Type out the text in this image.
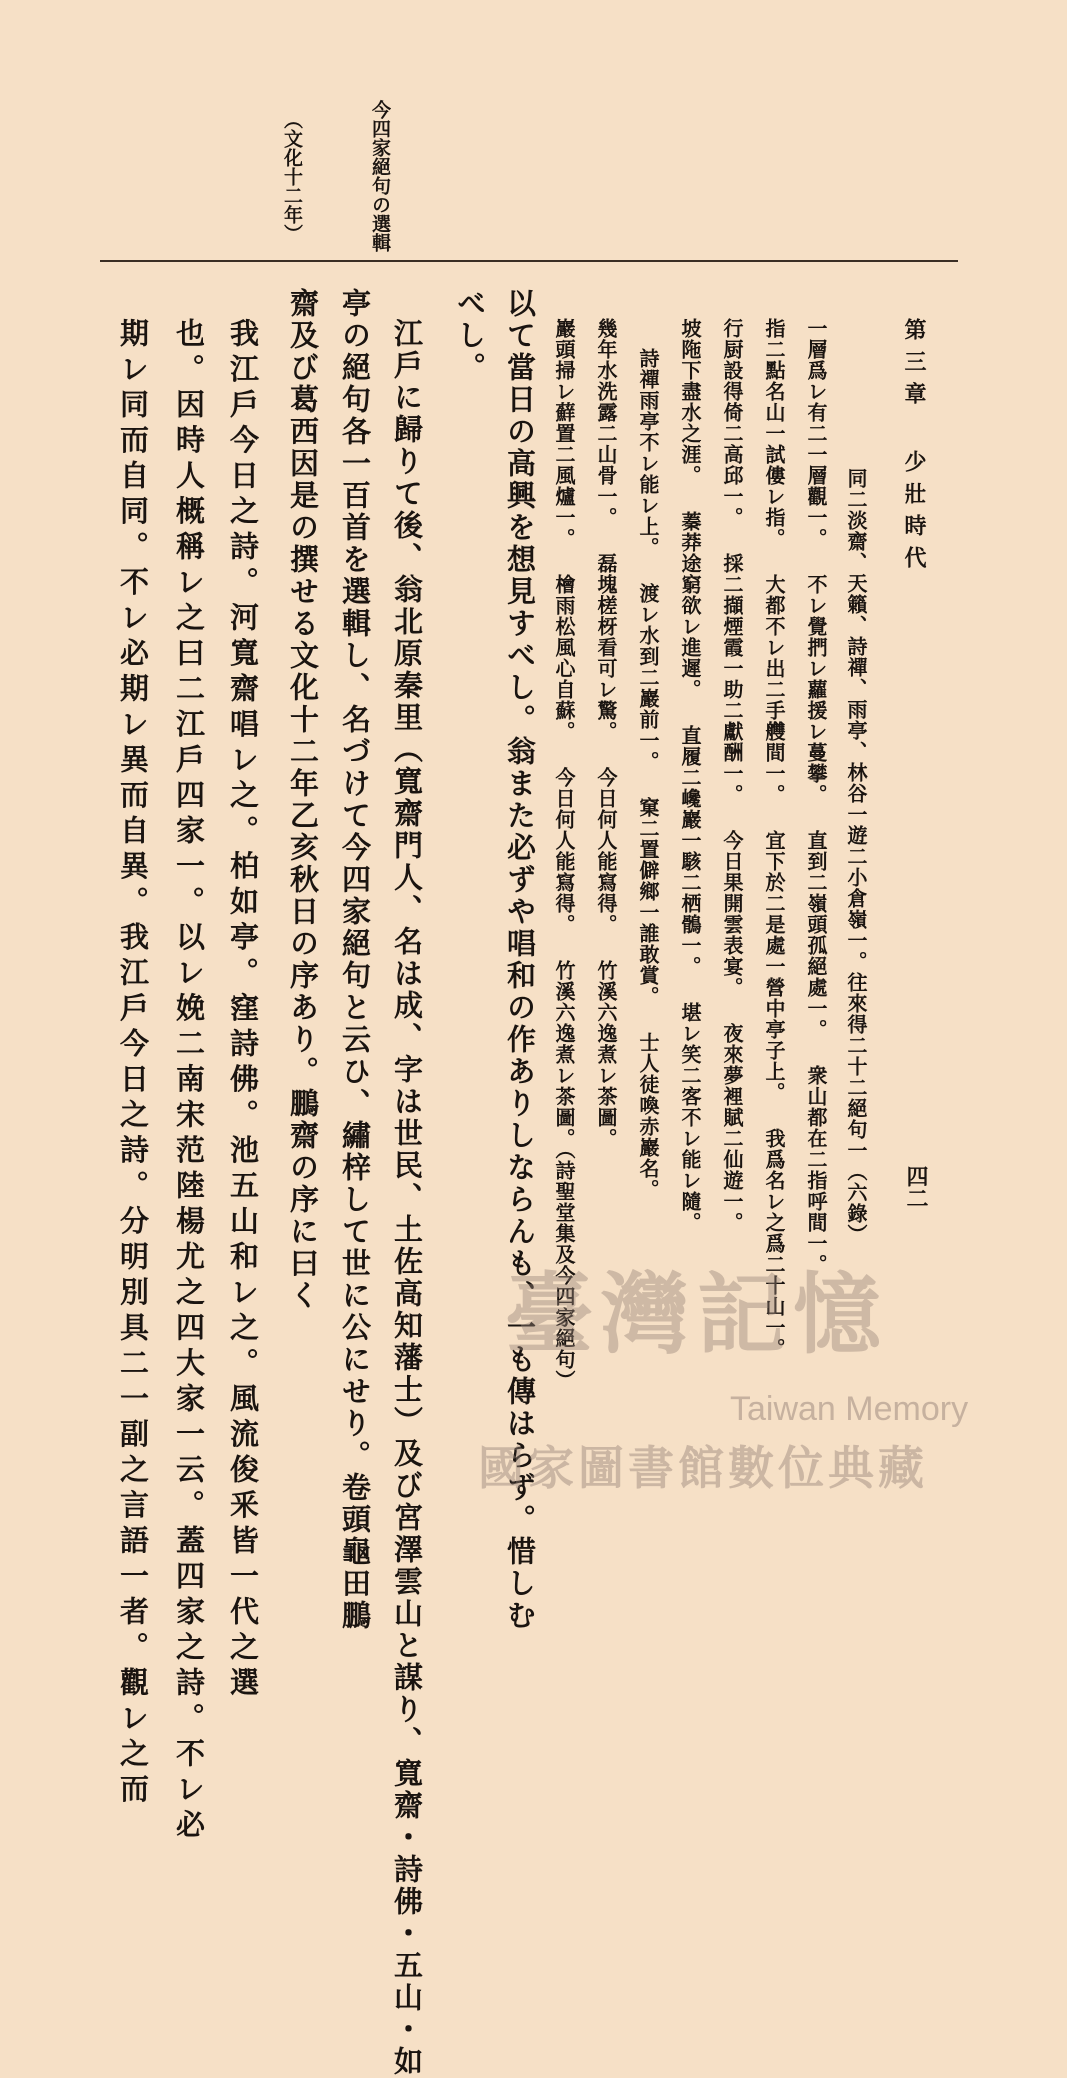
第三章 少壯時代
四二
今四家絕句の選輯
（文化十二年）
同二淡齋、天籟、詩禪、雨亭、林谷一遊二小倉嶺一。往來得二十二絕句一（六錄）
一層爲レ有二一層觀一。 不レ覺捫レ蘿援レ蔓攀。 直到二嶺頭孤絕處一。 衆山都在二指呼間一。
指二點名山一試僂レ指。 大都不レ出二手艭間一。 宜下於二是處一營中亭子上。 我爲名レ之爲二十山一。
行厨設得倚二高邱一。 採二擷煙霞一助二獻酬一。 今日果開雲表宴。 夜來夢裡賦二仙遊一。
坡陁下盡水之涯。 蓁莽途窮欲レ進遲。 直履二巉巖一駭二栖鶻一。 堪レ笑二客不レ能レ隨。
詩禪雨亭不レ能レ上。 渡レ水到二巖前一。 窠二置僻鄉一誰敢賞。 士人徒喚赤巖名。
幾年水洗露二山骨一。 磊塊槎枒看可レ驚。 今日何人能寫得。 竹溪六逸煮レ茶圖。
巖頭掃レ蘚置二風爐一。 檜雨松風心自蘇。 今日何人能寫得。 竹溪六逸煮レ茶圖。（詩聖堂集及今四家絕句）
以て當日の高興を想見すべし。翁また必ずや唱和の作ありしならんも、一も傳はらず。惜しむ
べし。
江戶に歸りて後、翁北原秦里（寬齋門人、名は成、字は世民、土佐高知藩士）及び宮澤雲山と謀り、寬齋・詩佛・五山・如
亭の絕句各一百首を選輯し、名づけて今四家絕句と云ひ、繡梓して世に公にせり。卷頭龜田鵬
齋及び葛西因是の撰せる文化十二年乙亥秋日の序あり。鵬齋の序に曰く
我江戶今日之詩。河寬齋唱レ之。柏如亭。窪詩佛。池五山和レ之。風流俊釆皆一代之選
也。因時人概稱レ之曰二江戶四家一。以レ娩二南宋范陸楊尤之四大家一云。蓋四家之詩。不レ必
期レ同而自同。不レ必期レ異而自異。我江戶今日之詩。分明別具二一副之言語一者。觀レ之而	臺灣記憶
Taiwan Memory
國家圖書館數位典藏
